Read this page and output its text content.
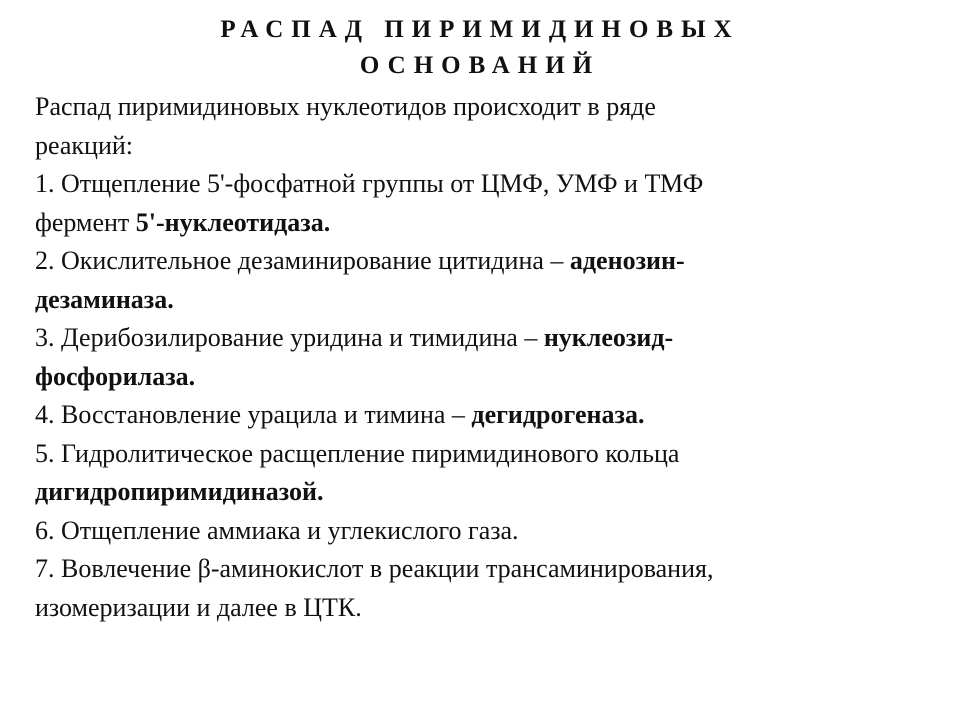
РАСПАД ПИРИМИДИНОВЫХ
ОСНОВАНИЙ
Распад пиримидиновых нуклеотидов происходит в ряде
реакций:
1. Отщепление 5'-фосфатной группы от ЦМФ, УМФ и ТМФ
фермент 5'-нуклеотидаза.
2. Окислительное дезаминирование цитидина – аденозин-
дезаминаза.
3. Дерибозилирование уридина и тимидина – нуклеозид-
фосфорилаза.
4. Восстановление урацила и тимина – дегидрогеназа.
5. Гидролитическое расщепление пиримидинового кольца
дигидропиримидиназой.
6. Отщепление аммиака и углекислого газа.
7. Вовлечение β-аминокислот в реакции трансаминирования,
изомеризации и далее в ЦТК.
